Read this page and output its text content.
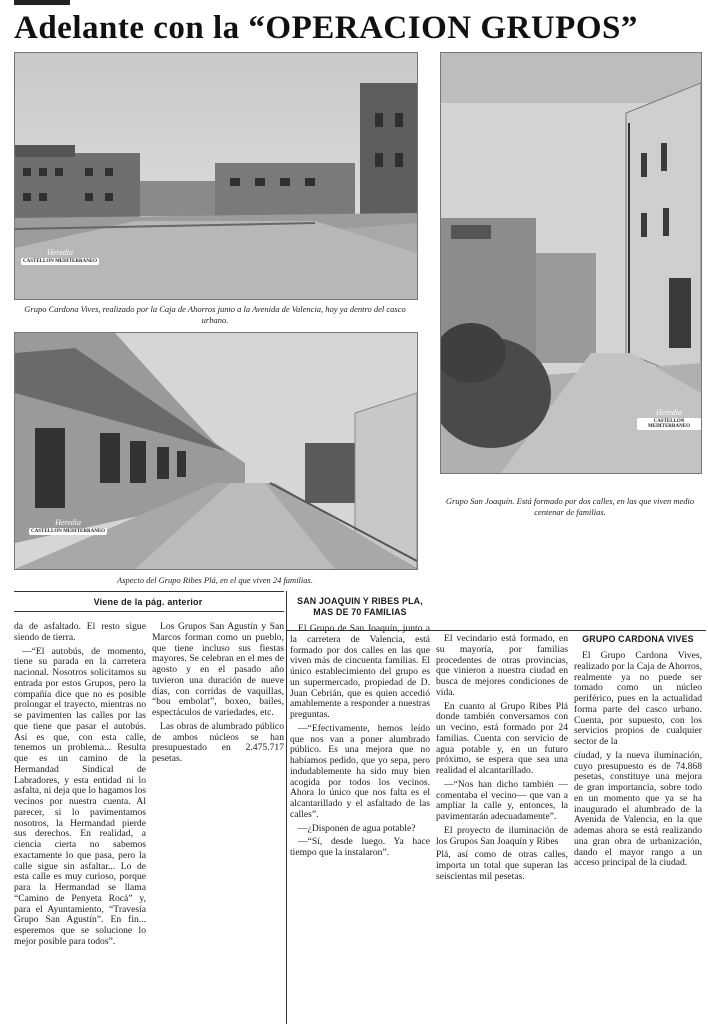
Adelante con la “OPERACION GRUPOS”
Heredia
CASTELLON MEDITERRANEO

Grupo Cardona Vives, realizado por la Caja de Ahorros junto a la Avenida de Valencia, hoy ya dentro del casco urbano.

Heredia
CASTELLON MEDITERRANEO

Grupo San Joaquín. Está formado por dos calles, en las que viven medio centenar de familias.

Heredia
CASTELLON MEDITERRANEO

Aspecto del Grupo Ribes Plá, en el que viven 24 familias.

Viene de la pág. anterior

da de asfaltado. El resto sigue siendo de tierra.

—“El autobús, de momento, tiene su parada en la carretera nacional. Nosotros solicitamos su entrada por estos Grupos, pero la compañía dice que no es posible prolongar el trayecto, mientras no se pavimenten las calles por las que tiene que pasar el autobús. Así es que, con esta calle, tenemos un problema... Resulta que es un camino de la Hermandad Sindical de Labradores, y esta entidad ni lo asfalta, ni deja que lo hagamos los vecinos por nuestra cuenta. Al parecer, si lo pavimentamos nosotros, la Hermandad pierde sus derechos. En realidad, a ciencia cierta no sabemos exactamente lo que pasa, pero la calle sigue sin asfaltar... Lo de esta calle es muy curioso, porque para la Hermandad se llama “Camino de Penyeta Rocá” y, para el Ayuntamiento, “Travesía Grupo San Agustín”. En fin... esperemos que se solucione lo mejor posible para todos”.

Los Grupos San Agustín y San Marcos forman como un pueblo, que tiene incluso sus fiestas mayores. Se celebran en el mes de agosto y en el pasado año tuvieron una duración de nueve días, con corridas de vaquillas, “bou embolat”, boxeo, bailes, espectáculos de variedades, etc.

Las obras de alumbrado público de ambos núcleos se han presupuestado en 2.475.717 pesetas.

SAN JOAQUIN Y RIBES PLA, MAS DE 70 FAMILIAS

El Grupo de San Joaquín, junto a la carretera de Valencia, está formado por dos calles en las que viven más de cincuenta familias. El único establecimiento del grupo es un supermercado, propiedad de D. Juan Cebrián, que es quien accedió amablemente a responder a nuestras preguntas.

—“Efectivamente, hemos leído que nos van a poner alumbrado público. Es una mejora que no habíamos pedido, que yo sepa, pero indudablemente ha sido muy bien acogida por todos los vecinos. Ahora lo único que nos falta es el alcantarillado y el asfaltado de las calles”.

—¿Disponen de agua potable?

—“Sí, desde luego. Ya hace tiempo que la instalaron”.

El vecindario está formado, en su mayoría, por familias procedentes de otras provincias, que vinieron a nuestra ciudad en busca de mejores condiciones de vida.

En cuanto al Grupo Ribes Plá donde también conversamos con un vecino, está formado por 24 familias. Cuenta con servicio de agua potable y, en un futuro próximo, se espera que sea una realidad el alcantarillado.

—“Nos han dicho también —comentaba el vecino— que van a ampliar la calle y, entonces, la pavimentarán adecuadamente”.

El proyecto de iluminación de los Grupos San Joaquín y Ribes

Plá, así como de otras calles, importa un total que superan las seiscientas mil pesetas.

GRUPO CARDONA VIVES

El Grupo Cardona Vives, realizado por la Caja de Ahorros, realmente ya no puede ser tomado como un núcleo periférico, pues en la actualidad forma parte del casco urbano. Cuenta, por supuesto, con los servicios propios de cualquier sector de la

ciudad, y la nueva iluminación, cuyo presupuesto es de 74.868 pesetas, constituye una mejora de gran importancia, sobre todo en un momento que ya se ha inaugurado el alumbrado de la Avenida de Valencia, en la que ademas ahora se está realizando una gran obra de urbanización, dando el mayor rango a un acceso principal de la ciudad.
